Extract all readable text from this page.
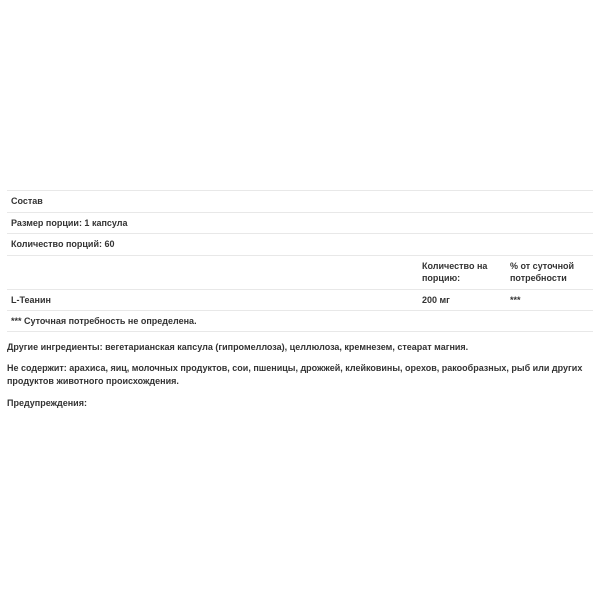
Состав
Размер порции: 1 капсула
Количество порций: 60
Количество на порцию:
% от суточной потребности
L-Теанин	200 мг	***
*** Суточная потребность не определена.
Другие ингредиенты: вегетарианская капсула (гипромеллоза), целлюлоза, кремнезем, стеарат магния.
Не содержит: арахиса, яиц, молочных продуктов, сои, пшеницы, дрожжей, клейковины, орехов, ракообразных, рыб или других продуктов животного происхождения.
Предупреждения:
